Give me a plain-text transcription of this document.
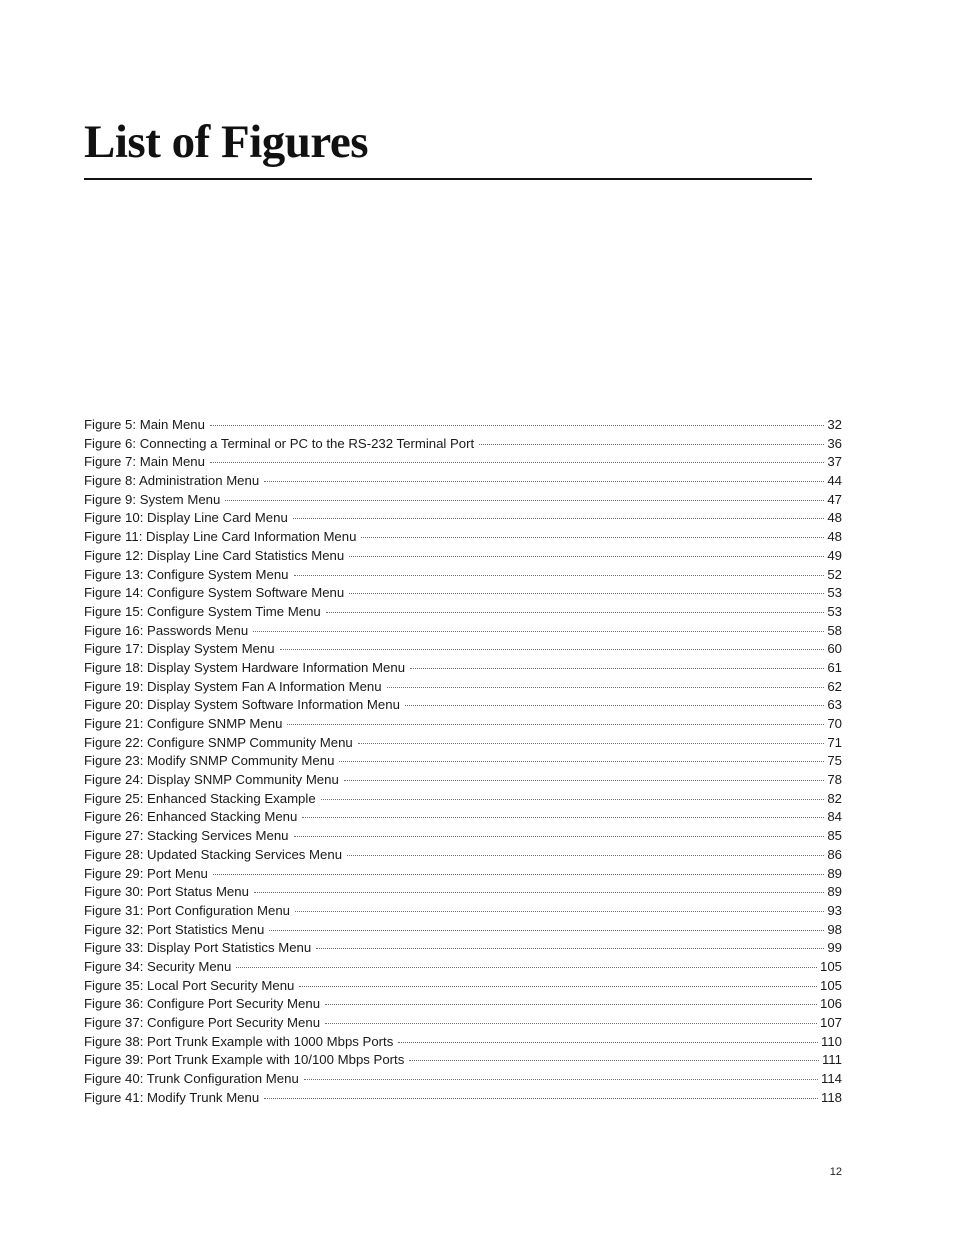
List of Figures
Figure 5: Main Menu	32
Figure 6: Connecting a Terminal or PC to the RS-232 Terminal Port	36
Figure 7: Main Menu	37
Figure 8: Administration Menu	44
Figure 9: System Menu	47
Figure 10: Display Line Card Menu	48
Figure 11: Display Line Card Information Menu	48
Figure 12: Display Line Card Statistics Menu	49
Figure 13: Configure System Menu	52
Figure 14: Configure System Software Menu	53
Figure 15: Configure System Time Menu	53
Figure 16: Passwords Menu	58
Figure 17: Display System Menu	60
Figure 18: Display System Hardware Information Menu	61
Figure 19: Display System Fan A Information Menu	62
Figure 20: Display System Software Information Menu	63
Figure 21: Configure SNMP Menu	70
Figure 22: Configure SNMP Community Menu	71
Figure 23: Modify SNMP Community Menu	75
Figure 24: Display SNMP Community Menu	78
Figure 25: Enhanced Stacking Example	82
Figure 26: Enhanced Stacking Menu	84
Figure 27: Stacking Services Menu	85
Figure 28: Updated Stacking Services Menu	86
Figure 29: Port Menu	89
Figure 30: Port Status Menu	89
Figure 31: Port Configuration Menu	93
Figure 32: Port Statistics Menu	98
Figure 33: Display Port Statistics Menu	99
Figure 34: Security Menu	105
Figure 35: Local Port Security Menu	105
Figure 36: Configure Port Security Menu	106
Figure 37: Configure Port Security Menu	107
Figure 38: Port Trunk Example with 1000 Mbps Ports	110
Figure 39: Port Trunk Example with 10/100 Mbps Ports	111
Figure 40: Trunk Configuration Menu	114
Figure 41: Modify Trunk Menu	118
12
